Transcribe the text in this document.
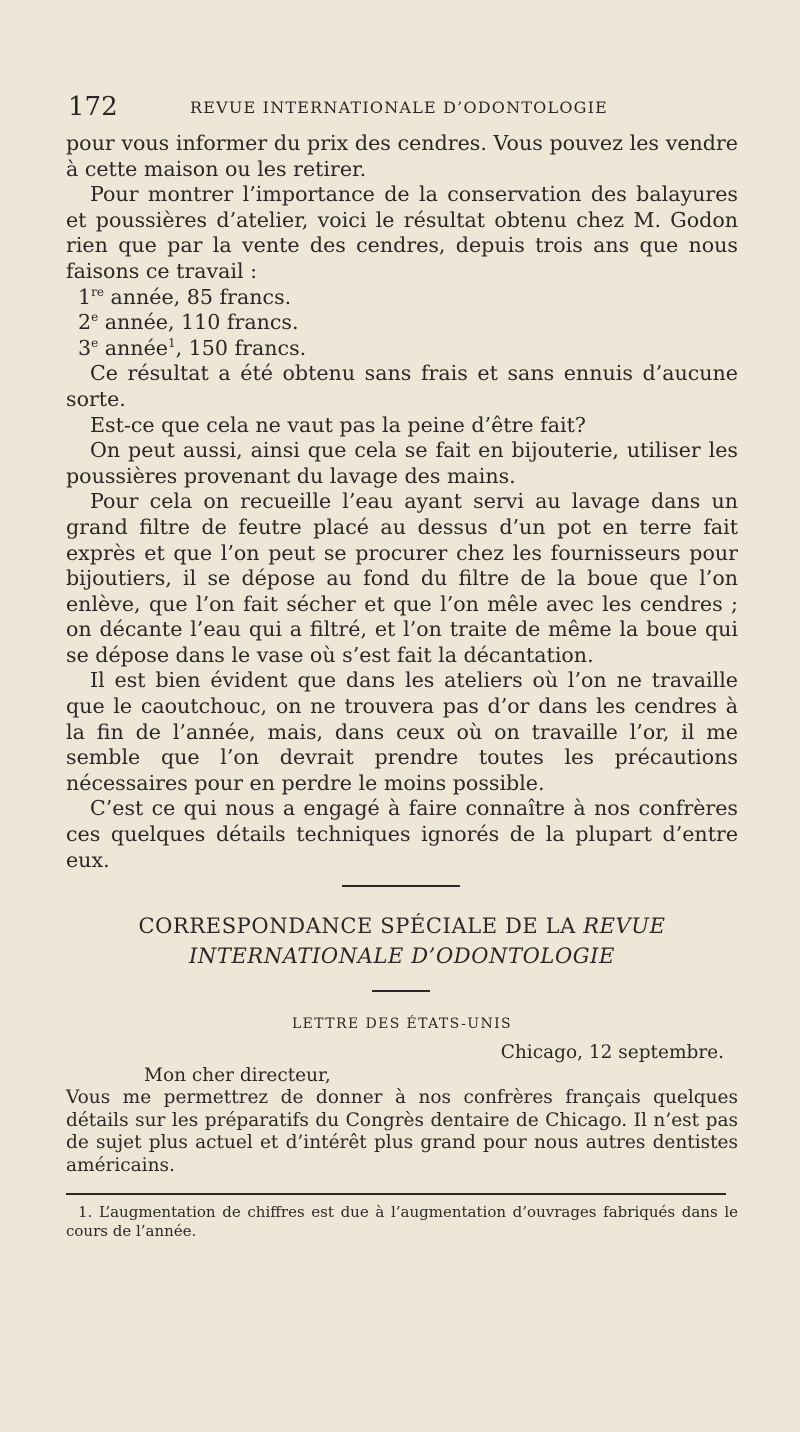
172	REVUE INTERNATIONALE D’ODONTOLOGIE

pour vous informer du prix des cendres. Vous pouvez les vendre à cette maison ou les retirer.

Pour montrer l’importance de la conservation des balayures et poussières d’atelier, voici le résultat obtenu chez M. Godon rien que par la vente des cendres, depuis trois ans que nous faisons ce travail :

1re année, 85 francs.

2e année, 110 francs.

3e année$^1$, 150 francs.

Ce résultat a été obtenu sans frais et sans ennuis d’aucune sorte.

Est-ce que cela ne vaut pas la peine d’être fait?

On peut aussi, ainsi que cela se fait en bijouterie, utiliser les poussières provenant du lavage des mains.

Pour cela on recueille l’eau ayant servi au lavage dans un grand filtre de feutre placé au dessus d’un pot en terre fait exprès et que l’on peut se procurer chez les fournisseurs pour bijoutiers, il se dépose au fond du filtre de la boue que l’on enlève, que l’on fait sécher et que l’on mêle avec les cendres ; on décante l’eau qui a filtré, et l’on traite de même la boue qui se dépose dans le vase où s’est fait la décantation.

Il est bien évident que dans les ateliers où l’on ne travaille que le caoutchouc, on ne trouvera pas d’or dans les cendres à la fin de l’année, mais, dans ceux où on travaille l’or, il me semble que l’on devrait prendre toutes les précautions nécessaires pour en perdre le moins possible.

C’est ce qui nous a engagé à faire connaître à nos confrères ces quelques détails techniques ignorés de la plupart d’entre eux.

CORRESPONDANCE SPÉCIALE DE LA REVUE INTERNATIONALE D’ODONTOLOGIE
LETTRE DES ÉTATS-UNIS

Chicago, 12 septembre.

Mon cher directeur,

Vous me permettrez de donner à nos confrères français quelques détails sur les préparatifs du Congrès dentaire de Chicago. Il n’est pas de sujet plus actuel et d’intérêt plus grand pour nous autres dentistes américains.

1. L’augmentation de chiffres est due à l’augmentation d’ouvrages fabriqués dans le cours de l’année.
